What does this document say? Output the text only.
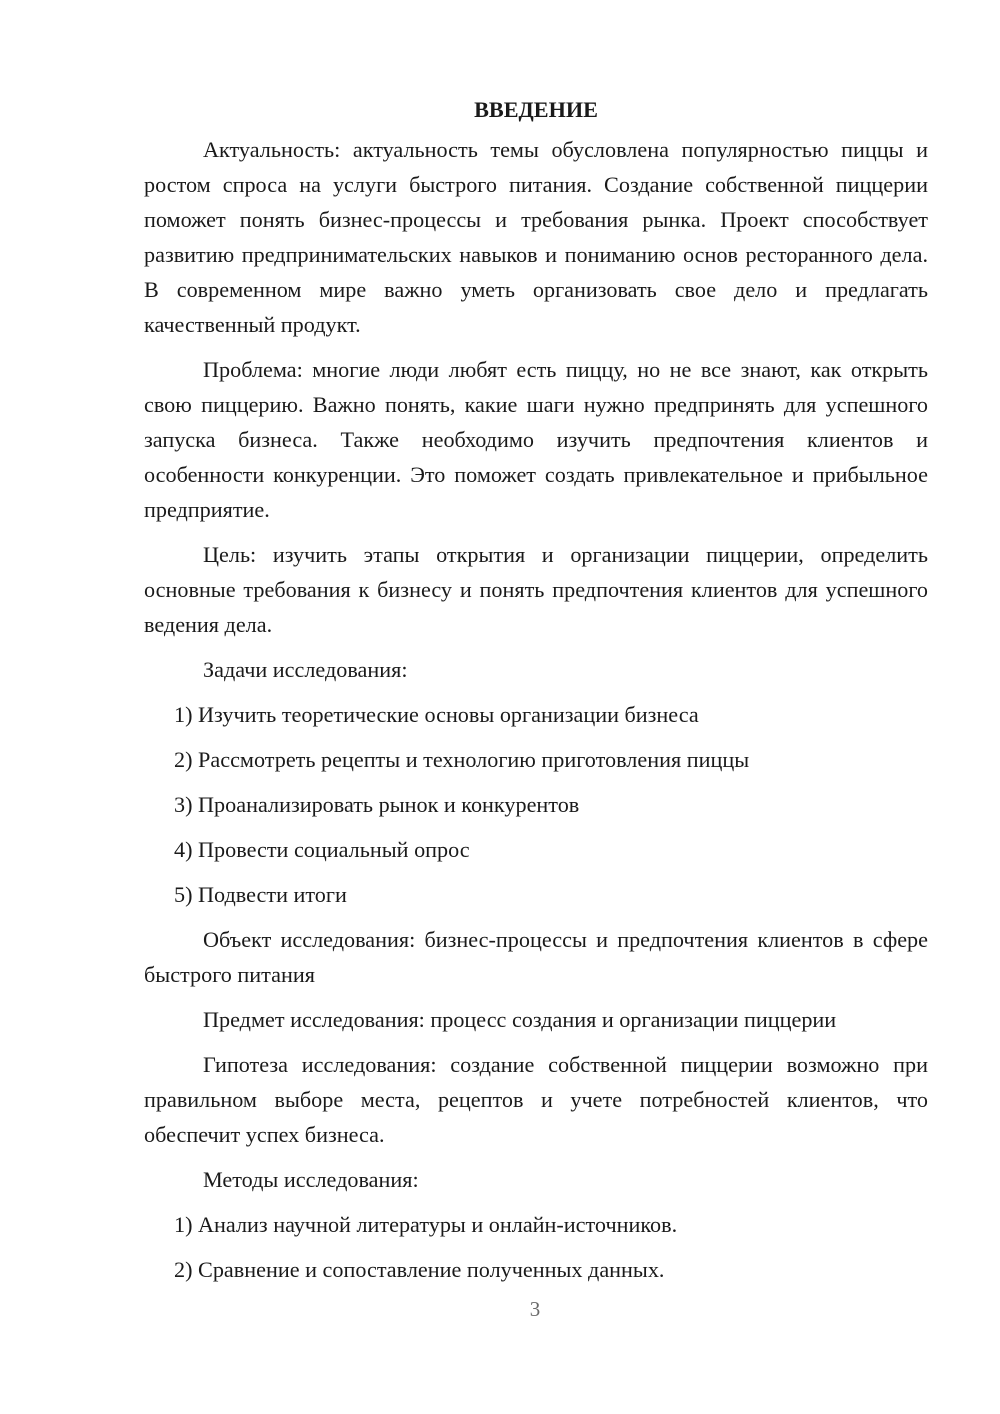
ВВЕДЕНИЕ

Актуальность: актуальность темы обусловлена популярностью пиццы и ростом спроса на услуги быстрого питания. Создание собственной пиццерии поможет понять бизнес-процессы и требования рынка. Проект способствует развитию предпринимательских навыков и пониманию основ ресторанного дела. В современном мире важно уметь организовать свое дело и предлагать качественный продукт.

Проблема: многие люди любят есть пиццу, но не все знают, как открыть свою пиццерию. Важно понять, какие шаги нужно предпринять для успешного запуска бизнеса. Также необходимо изучить предпочтения клиентов и особенности конкуренции. Это поможет создать привлекательное и прибыльное предприятие.

Цель: изучить этапы открытия и организации пиццерии, определить основные требования к бизнесу и понять предпочтения клиентов для успешного ведения дела.

Задачи исследования:
1) Изучить теоретические основы организации бизнеса
2) Рассмотреть рецепты и технологию приготовления пиццы
3) Проанализировать рынок и конкурентов
4) Провести социальный опрос
5) Подвести итоги

Объект исследования: бизнес-процессы и предпочтения клиентов в сфере быстрого питания

Предмет исследования: процесс создания и организации пиццерии

Гипотеза исследования: создание собственной пиццерии возможно при правильном выборе места, рецептов и учете потребностей клиентов, что обеспечит успех бизнеса.

Методы исследования:
1) Анализ научной литературы и онлайн-источников.
2) Сравнение и сопоставление полученных данных.
3
